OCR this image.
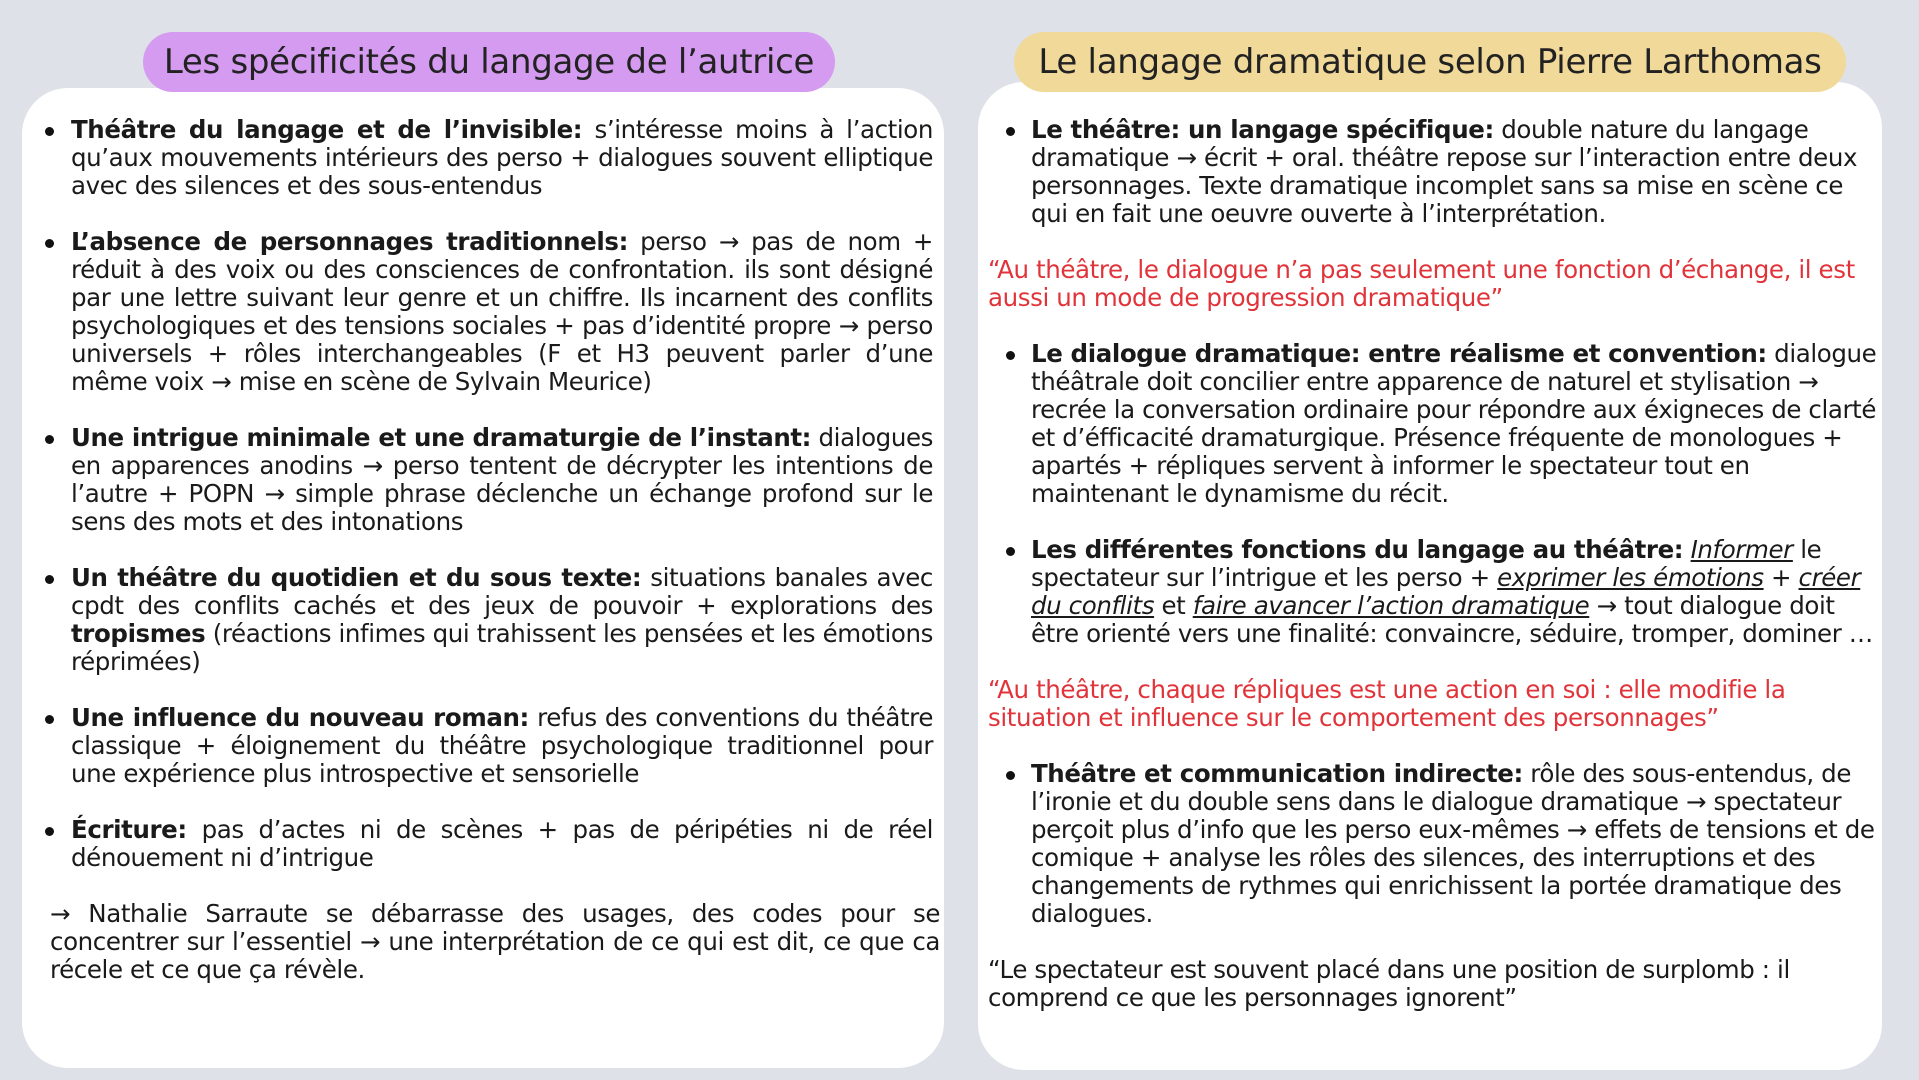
Les spécificités du langage de l’autrice	Le langage dramatique selon Pierre Larthomas
Théâtre du langage et de l’invisible: s’intéresse moins à l’action qu’aux mouvements intérieurs des perso + dialogues souvent elliptique avec des silences et des sous-entendus
L’absence de personnages traditionnels: perso → pas de nom + réduit à des voix ou des consciences de confrontation. ils sont désigné par une lettre suivant leur genre et un chiffre. Ils incarnent des conflits psychologiques et des tensions sociales + pas d’identité propre → perso universels + rôles interchangeables (F et H3 peuvent parler d’une même voix → mise en scène de Sylvain Meurice)
Une intrigue minimale et une dramaturgie de l’instant: dialogues en apparences anodins → perso tentent de décrypter les intentions de l’autre + POPN → simple phrase déclenche un échange profond sur le sens des mots et des intonations
Un théâtre du quotidien et du sous texte: situations banales avec cpdt des conflits cachés et des jeux de pouvoir + explorations des tropismes (réactions infimes qui trahissent les pensées et les émotions réprimées)
Une influence du nouveau roman: refus des conventions du théâtre classique + éloignement du théâtre psychologique traditionnel pour une expérience plus introspective et sensorielle
Écriture: pas d’actes ni de scènes + pas de péripéties ni de réel dénouement ni d’intrigue
→ Nathalie Sarraute se débarrasse des usages, des codes pour se concentrer sur l’essentiel → une interprétation de ce qui est dit, ce que ca récele et ce que ça révèle.
Le théâtre: un langage spécifique: double nature du langage dramatique → écrit + oral. théâtre repose sur l’interaction entre deux personnages. Texte dramatique incomplet sans sa mise en scène ce qui en fait une oeuvre ouverte à l’interprétation.
“Au théâtre, le dialogue n’a pas seulement une fonction d’échange, il est aussi un mode de progression dramatique”
Le dialogue dramatique: entre réalisme et convention: dialogue théâtrale doit concilier entre apparence de naturel et stylisation → recrée la conversation ordinaire pour répondre aux éxigneces de clarté et d’éfficacité dramaturgique. Présence fréquente de monologues + apartés + répliques servent à informer le spectateur tout en maintenant le dynamisme du récit.
Les différentes fonctions du langage au théâtre: Informer le spectateur sur l’intrigue et les perso + exprimer les émotions + créer du conflits et faire avancer l’action dramatique → tout dialogue doit être orienté vers une finalité: convaincre, séduire, tromper, dominer …
“Au théâtre, chaque répliques est une action en soi : elle modifie la situation et influence sur le comportement des personnages”
Théâtre et communication indirecte: rôle des sous-entendus, de l’ironie et du double sens dans le dialogue dramatique → spectateur perçoit plus d’info que les perso eux-mêmes → effets de tensions et de comique + analyse les rôles des silences, des interruptions et des changements de rythmes qui enrichissent la portée dramatique des dialogues.
“Le spectateur est souvent placé dans une position de surplomb : il comprend ce que les personnages ignorent”
